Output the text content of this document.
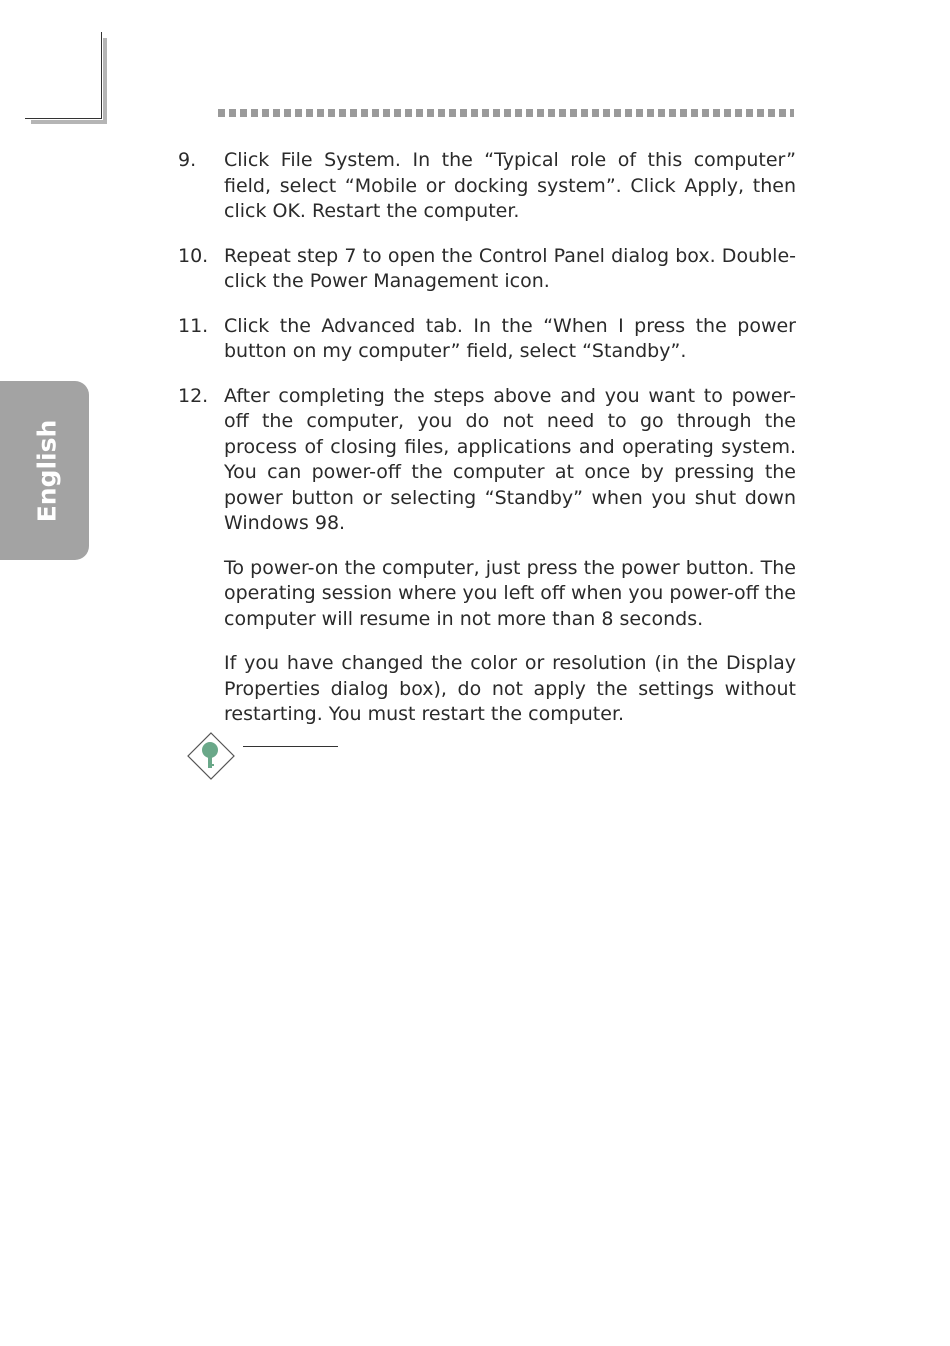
English
9.	Click File System. In the “Typical role of this computer” field, select “Mobile or docking system”. Click Apply, then click OK. Restart the computer.
10. Repeat step 7 to open the Control Panel dialog box. Double-click the Power Management icon.
11. Click the Advanced tab. In the “When I press the power button on my computer” field, select “Standby”.
12. After completing the steps above and you want to power-off the computer, you do not need to go through the process of closing files, applications and operating system. You can power-off the computer at once by pressing the power button or selecting “Standby” when you shut down Windows 98.
To power-on the computer, just press the power button. The operating session where you left off when you power-off the computer will resume in not more than 8 seconds.
If you have changed the color or resolution (in the Display Properties dialog box), do not apply the settings without restarting. You must restart the computer.
